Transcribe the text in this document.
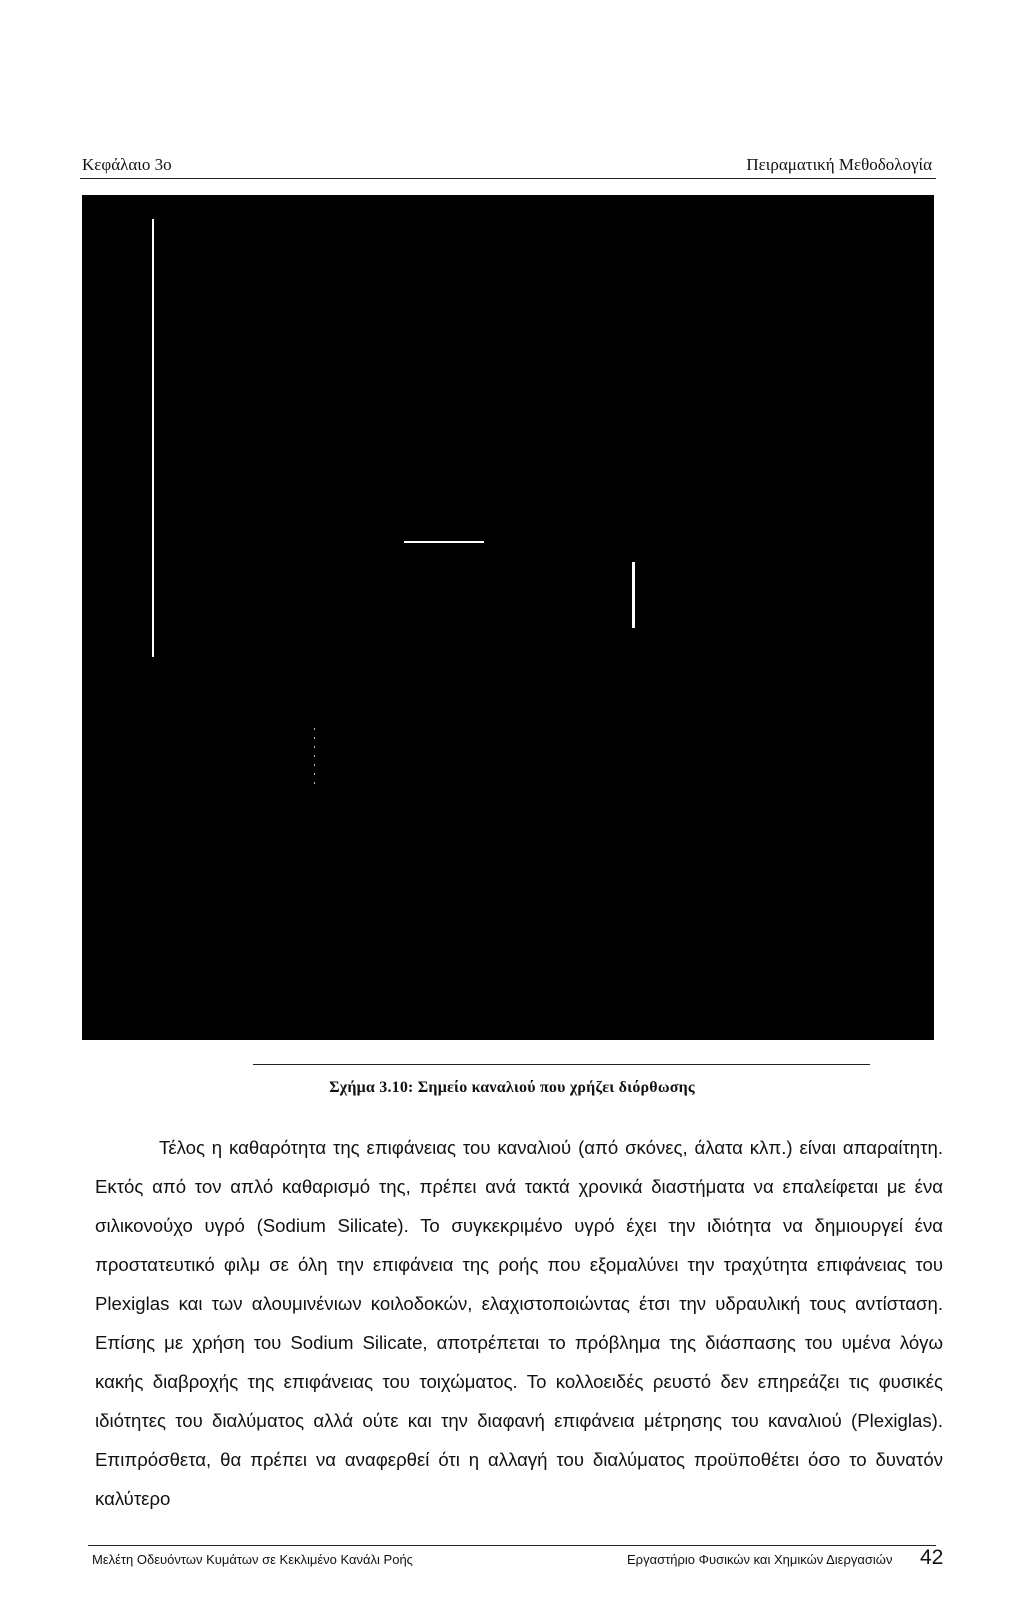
Κεφάλαιο 3ο	Πειραματική Μεθοδολογία
Σχήμα 3.10: Σημείο καναλιού που χρήζει διόρθωσης

Τέλος η καθαρότητα της επιφάνειας του καναλιού (από σκόνες, άλατα κλπ.) είναι απαραίτητη. Εκτός από τον απλό καθαρισμό της, πρέπει ανά τακτά χρονικά διαστήματα να επαλείφεται με ένα σιλικονούχο υγρό (Sodium Silicate). Το συγκεκριμένο υγρό έχει την ιδιότητα να δημιουργεί ένα προστατευτικό φιλμ σε όλη την επιφάνεια της ροής που εξομαλύνει την τραχύτητα επιφάνειας του Plexiglas και των αλουμινένιων κοιλοδοκών, ελαχιστοποιώντας έτσι την υδραυλική τους αντίσταση. Επίσης με χρήση του Sodium Silicate, αποτρέπεται το πρόβλημα της διάσπασης του υμένα λόγω κακής διαβροχής της επιφάνειας του τοιχώματος. Το κολλοειδές ρευστό δεν επηρεάζει τις φυσικές ιδιότητες του διαλύματος αλλά ούτε και την διαφανή επιφάνεια μέτρησης του καναλιού (Plexiglas). Επιπρόσθετα, θα πρέπει να αναφερθεί ότι η αλλαγή του διαλύματος προϋποθέτει όσο το δυνατόν καλύτερο

Μελέτη Οδευόντων Κυμάτων σε Κεκλιμένο Κανάλι Ροής	Εργαστήριο Φυσικών και Χημικών Διεργασιών 42
